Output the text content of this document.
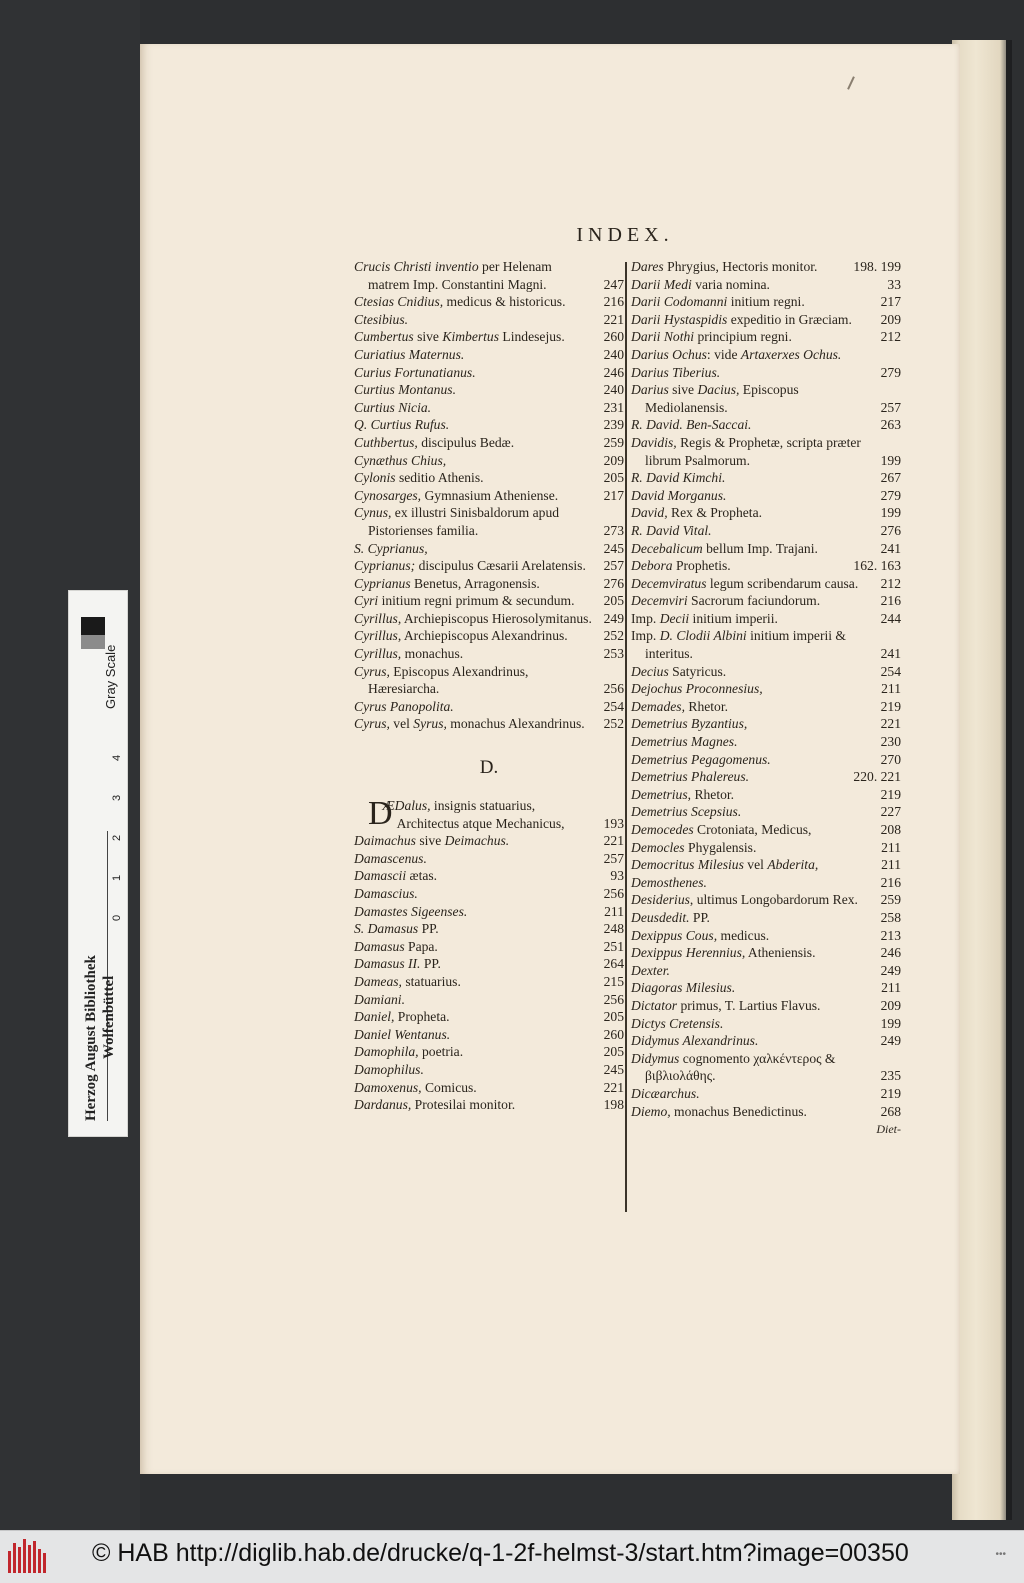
INDEX.
Crucis Christi inventio per Helenam matrem Imp. Constantini Magni.	247
Ctesias Cnidius, medicus & historicus.	216
Ctesibius.	221
Cumbertus sive Kimbertus Lindesejus.	260
Curiatius Maternus.	240
Curius Fortunatianus.	246
Curtius Montanus.	240
Curtius Nicia.	231
Q. Curtius Rufus.	239
Cuthbertus, discipulus Bedæ.	259
Cynæthus Chius,	209
Cylonis seditio Athenis.	205
Cynosarges, Gymnasium Atheniense.	217
Cynus, ex illustri Sinisbaldorum apud Pistorienses familia.	273
S. Cyprianus,	245
Cyprianus; discipulus Cæsarii Arelatensis. 257
Cyprianus Benetus, Arragonensis.	276
Cyri initium regni primum & secundum. 205
Cyrillus, Archiepiscopus Hierosolymitanus. 249
Cyrillus, Archiepiscopus Alexandrinus.	252
Cyrillus, monachus.	253
Cyrus, Episcopus Alexandrinus, Hæresiarcha.	256
Cyrus Panopolita.	254
Cyrus, vel Syrus, monachus Alexandrinus. 252
D.
D
ÆDalus, insignis statuarius, Architectus atque Mechanicus,	193
Daimachus sive Deimachus.	221
Damascenus.	257
Damascii ætas.	93
Damascius.	256
Damastes Sigeenses.	211
S. Damasus PP.	248
Damasus Papa.	251
Damasus II. PP.	264
Dameas, statuarius.	215
Damiani.	256
Daniel, Propheta.	205
Daniel Wentanus.	260
Damophila, poetria.	205
Damophilus.	245
Damoxenus, Comicus.	221
Dardanus, Protesilai monitor.	198
Dares Phrygius, Hectoris monitor.	198. 199
Darii Medi varia nomina.	33
Darii Codomanni initium regni.	217
Darii Hystaspidis expeditio in Græciam. 209
Darii Nothi principium regni.	212
Darius Ochus: vide Artaxerxes Ochus.
Darius Tiberius.	279
Darius sive Dacius, Episcopus Mediolanensis.	257
R. David. Ben-Saccai.	263
Davidis, Regis & Prophetæ, scripta præter librum Psalmorum.	199
R. David Kimchi.	267
David Morganus.	279
David, Rex & Propheta.	199
R. David Vital.	276
Decebalicum bellum Imp. Trajani.	241
Debora Prophetis.	162. 163
Decemviratus legum scribendarum causa. 212
Decemviri Sacrorum faciundorum.	216
Imp. Decii initium imperii.	244
Imp. D. Clodii Albini initium imperii & interitus.	241
Decius Satyricus.	254
Dejochus Proconnesius,	211
Demades, Rhetor.	219
Demetrius Byzantius,	221
Demetrius Magnes.	230
Demetrius Pegagomenus.	270
Demetrius Phalereus.	220. 221
Demetrius, Rhetor.	219
Demetrius Scepsius.	227
Democedes Crotoniata, Medicus,	208
Democles Phygalensis.	211
Democritus Milesius vel Abderita,	211
Demosthenes.	216
Desiderius, ultimus Longobardorum Rex. 259
Deusdedit. PP.	258
Dexippus Cous, medicus.	213
Dexippus Herennius, Atheniensis.	246
Dexter.	249
Diagoras Milesius.	211
Dictator primus, T. Lartius Flavus.	209
Dictys Cretensis.	199
Didymus Alexandrinus.	249
Didymus cognomento χαλκέντερος & βιβλιολάθης.	235
Dicæarchus.	219
Diemo, monachus Benedictinus.	268
Diet-
Gray Scale
4
3
2
1
0
Herzog August Bibliothek Wolfenbüttel
© HAB http://diglib.hab.de/drucke/q-1-2f-helmst-3/start.htm?image=00350	•••
